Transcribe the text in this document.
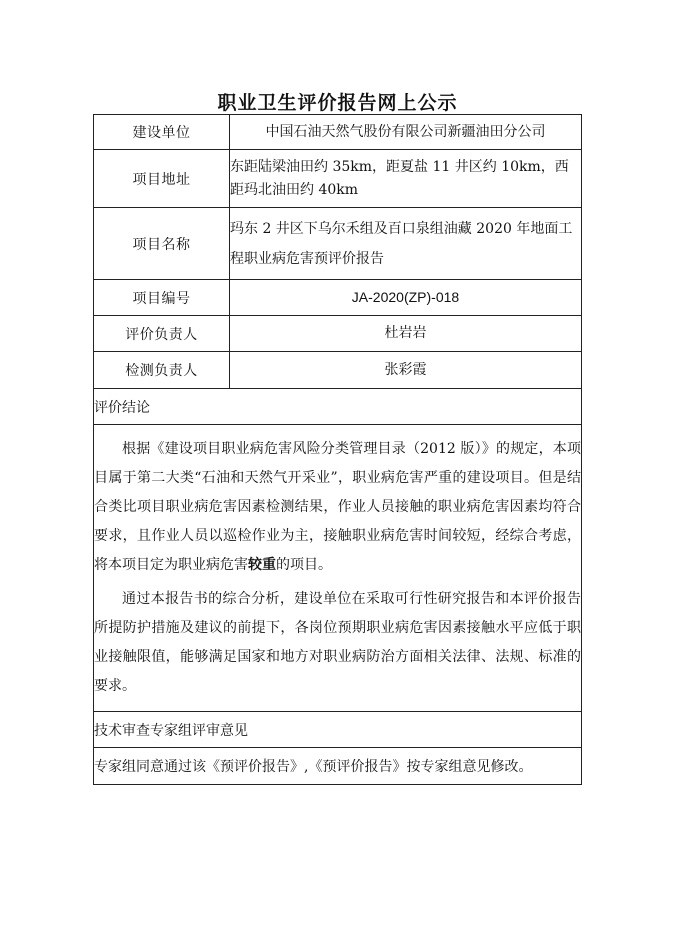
职业卫生评价报告网上公示
建设单位	中国石油天然气股份有限公司新疆油田分公司
项目地址	东距陆梁油田约 35km，距夏盐 11 井区约 10km，西距玛北油田约 40km
项目名称	玛东 2 井区下乌尔禾组及百口泉组油藏 2020 年地面工程职业病危害预评价报告
项目编号	JA-2020(ZP)-018
评价负责人	杜岩岩
检测负责人	张彩霞
评价结论	

根据《建设项目职业病危害风险分类管理目录（2012 版）》的规定，本项目属于第二大类“石油和天然气开采业”，职业病危害严重的建设项目。但是结合类比项目职业病危害因素检测结果，作业人员接触的职业病危害因素均符合要求，且作业人员以巡检作业为主，接触职业病危害时间较短，经综合考虑，将本项目定为职业病危害较重的项目。

通过本报告书的综合分析，建设单位在采取可行性研究报告和本评价报告所提防护措施及建议的前提下，各岗位预期职业病危害因素接触水平应低于职业接触限值，能够满足国家和地方对职业病防治方面相关法律、法规、标准的要求。	

技术审查专家组评审意见	
专家组同意通过该《预评价报告》,《预评价报告》按专家组意见修改。	
